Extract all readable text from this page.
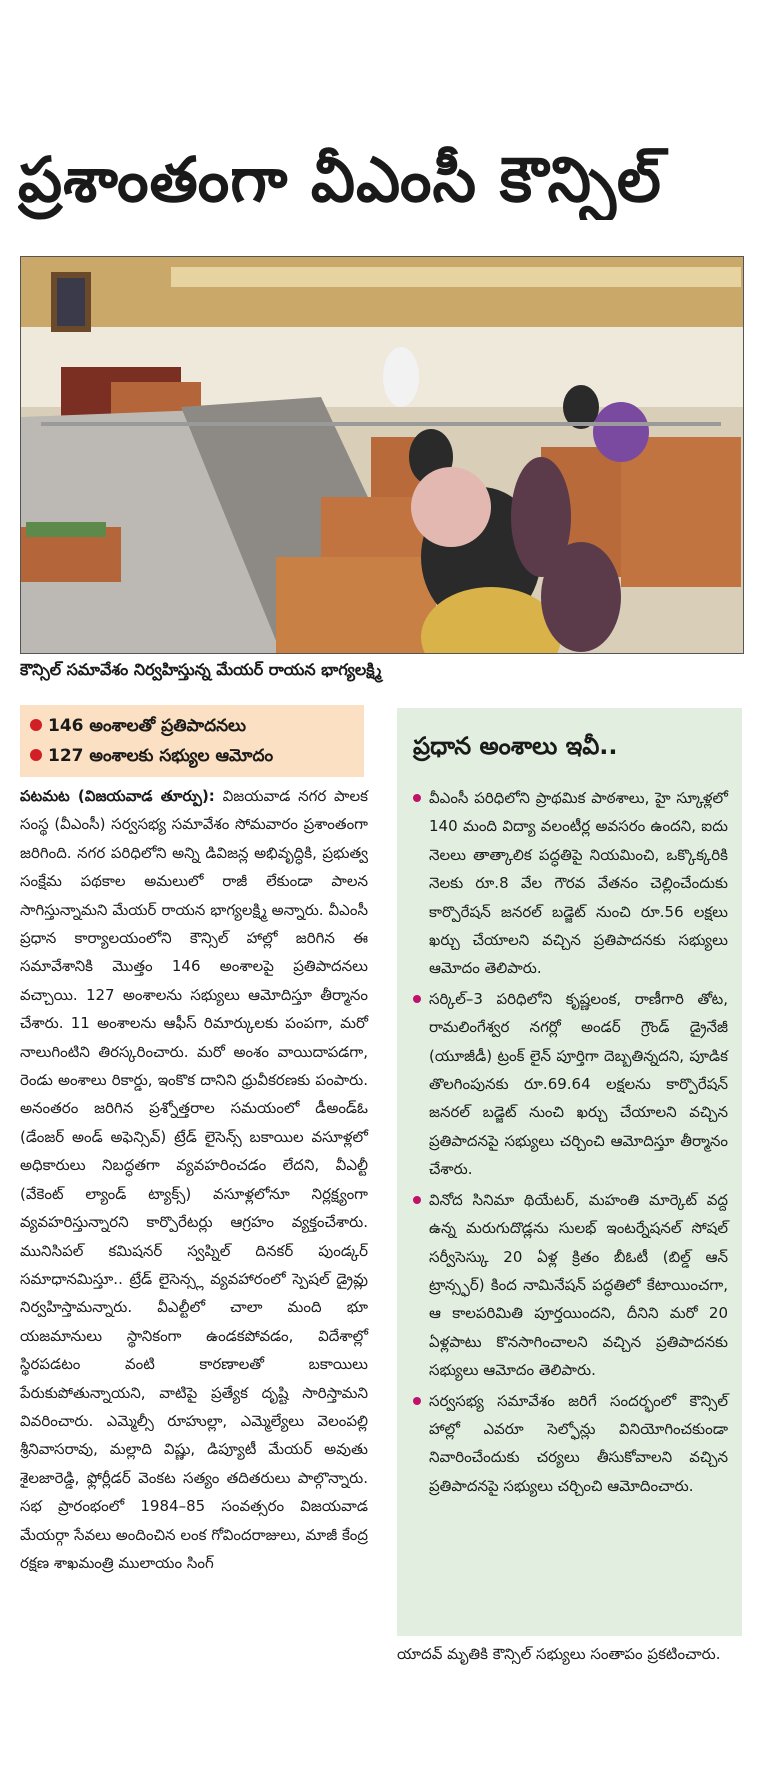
ప్రశాంతంగా వీఎంసీ కౌన్సిల్
కౌన్సిల్ సమావేశం నిర్వహిస్తున్న మేయర్ రాయన భాగ్యలక్ష్మి
146 అంశాలతో ప్రతిపాదనలు
127 అంశాలకు సభ్యుల ఆమోదం

పటమట (విజయవాడ తూర్పు): విజయవాడ నగర పాలక సంస్థ (వీఎంసీ) సర్వసభ్య సమావేశం సోమవారం ప్రశాంతంగా జరిగింది. నగర పరిధిలోని అన్ని డివిజన్ల అభివృద్ధికి, ప్రభుత్వ సంక్షేమ పథకాల అమలులో రాజీ లేకుండా పాలన సాగిస్తున్నామని మేయర్ రాయన భాగ్యలక్ష్మి అన్నారు. వీఎంసీ ప్రధాన కార్యాలయంలోని కౌన్సిల్ హాల్లో జరిగిన ఈ సమావేశానికి మొత్తం 146 అంశాలపై ప్రతిపాదనలు వచ్చాయి. 127 అంశాలను సభ్యులు ఆమోదిస్తూ తీర్మానం చేశారు. 11 అంశాలను ఆఫీస్ రిమార్కులకు పంపగా, మరో నాలుగింటిని తిరస్కరించారు. మరో అంశం వాయిదాపడగా, రెండు అంశాలు రికార్డు, ఇంకొక దానిని ధ్రువీకరణకు పంపారు. అనంతరం జరిగిన ప్రశ్నోత్తరాల సమయంలో డీఅండ్ఓ (డేంజర్ అండ్ అఫెన్సివ్) ట్రేడ్ లైసెన్స్ బకాయిల వసూళ్లలో అధికారులు నిబద్ధతగా వ్యవహరించడం లేదని, వీఎల్టీ (వేకెంట్ ల్యాండ్ ట్యాక్స్) వసూళ్లలోనూ నిర్లక్ష్యంగా వ్యవహరిస్తున్నారని కార్పొరేటర్లు ఆగ్రహం వ్యక్తంచేశారు. మునిసిపల్ కమిషనర్ స్వప్నిల్ దినకర్ పుండ్కర్ సమాధానమిస్తూ.. ట్రేడ్ లైసెన్స్ల వ్యవహారంలో స్పెషల్ డ్రైవ్లు నిర్వహిస్తామన్నారు. వీఎల్టీలో చాలా మంది భూ యజమానులు స్థానికంగా ఉండకపోవడం, విదేశాల్లో స్థిరపడటం వంటి కారణాలతో బకాయిలు పేరుకుపోతున్నాయని, వాటిపై ప్రత్యేక దృష్టి సారిస్తామని వివరించారు. ఎమ్మెల్సీ రూహుల్లా, ఎమ్మెల్యేలు వెలంపల్లి శ్రీనివాసరావు, మల్లాది విష్ణు, డిప్యూటీ మేయర్ అవుతు శైలజారెడ్డి, ఫ్లోర్లీడర్ వెంకట సత్యం తదితరులు పాల్గొన్నారు. సభ ప్రారంభంలో 1984–85 సంవత్సరం విజయవాడ మేయర్గా సేవలు అందించిన లంక గోవిందరాజులు, మాజీ కేంద్ర రక్షణ శాఖమంత్రి ములాయం సింగ్

ప్రధాన అంశాలు ఇవీ..
వీఎంసీ పరిధిలోని ప్రాథమిక పాఠశాలు, హై స్కూళ్లలో 140 మంది విద్యా వలంటీర్ల అవసరం ఉందని, ఐదు నెలలు తాత్కాలిక పద్ధతిపై నియమించి, ఒక్కొక్కరికి నెలకు రూ.8 వేల గౌరవ వేతనం చెల్లించేందుకు కార్పొరేషన్ జనరల్ బడ్జెట్ నుంచి రూ.56 లక్షలు ఖర్చు చేయాలని వచ్చిన ప్రతిపాదనకు సభ్యులు ఆమోదం తెలిపారు.
సర్కిల్–3 పరిధిలోని కృష్ణలంక, రాణీగారి తోట, రామలింగేశ్వర నగర్లో అండర్ గ్రౌండ్ డ్రైనేజీ (యూజీడీ) ట్రంక్ లైన్ పూర్తిగా దెబ్బతిన్నదని, పూడిక తొలగింపునకు రూ.69.64 లక్షలను కార్పొరేషన్ జనరల్ బడ్జెట్ నుంచి ఖర్చు చేయాలని వచ్చిన ప్రతిపాదనపై సభ్యులు చర్చించి ఆమోదిస్తూ తీర్మానం చేశారు.
వినోద సినిమా థియేటర్, మహంతి మార్కెట్ వద్ద ఉన్న మరుగుదొడ్లను సులభ్ ఇంటర్నేషనల్ సోషల్ సర్వీసెస్కు 20 ఏళ్ల క్రితం బీఓటీ (బిల్డ్ ఆన్ ట్రాన్స్ఫర్) కింద నామినేషన్ పద్ధతిలో కేటాయించగా, ఆ కాలపరిమితి పూర్తయిందని, దీనిని మరో 20 ఏళ్లపాటు కొనసాగించాలని వచ్చిన ప్రతిపాదనకు సభ్యులు ఆమోదం తెలిపారు.
సర్వసభ్య సమావేశం జరిగే సందర్భంలో కౌన్సిల్ హాల్లో ఎవరూ సెల్ఫోన్లు వినియోగించకుండా నివారించేందుకు చర్యలు తీసుకోవాలని వచ్చిన ప్రతిపాదనపై సభ్యులు చర్చించి ఆమోదించారు.
యాదవ్ మృతికి కౌన్సిల్ సభ్యులు సంతాపం ప్రకటించారు.
